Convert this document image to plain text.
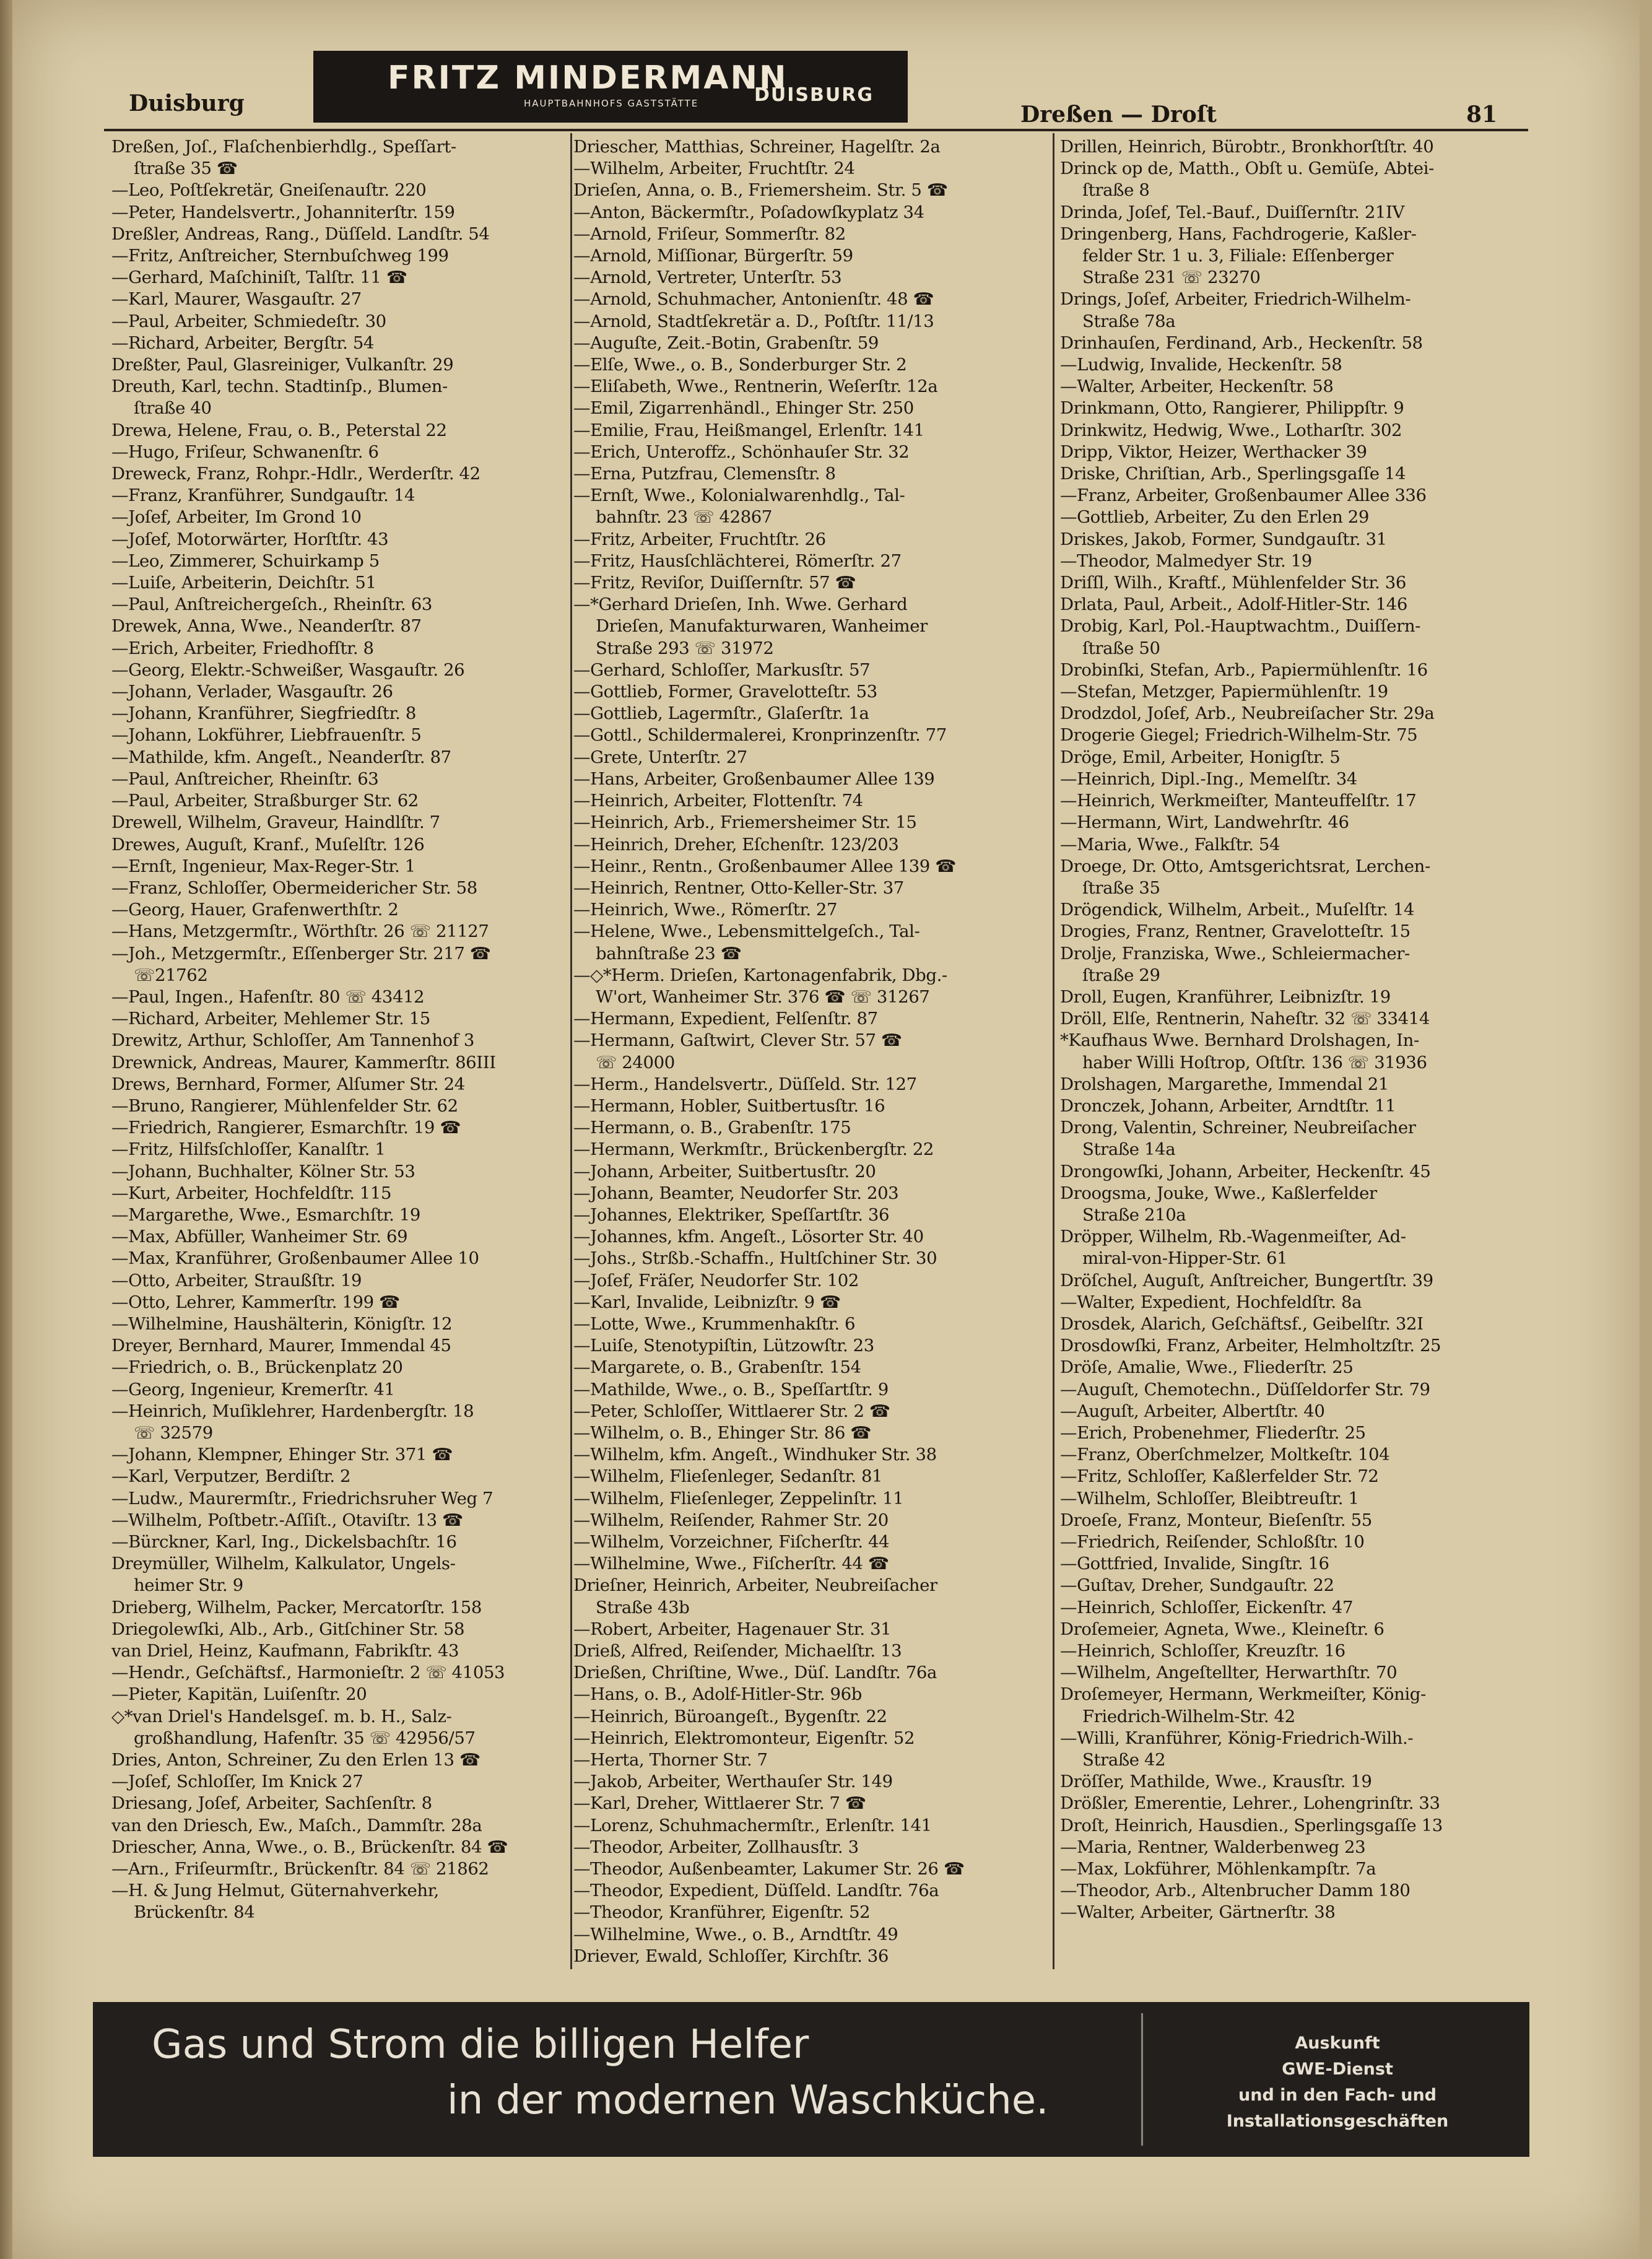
Duisburg
FRITZ MINDERMANN
HAUPTBAHNHOFS GASTSTÄTTE	DUISBURG
Dreßen — Droſt	81
Dreßen, Joſ., Flaſchenbierhdlg., Speſſart-
ſtraße 35 ☎
—Leo, Poſtſekretär, Gneiſenauſtr. 220
—Peter, Handelsvertr., Johanniterſtr. 159
Dreßler, Andreas, Rang., Düſſeld. Landſtr. 54
—Fritz, Anſtreicher, Sternbuſchweg 199
—Gerhard, Maſchiniſt, Talſtr. 11 ☎
—Karl, Maurer, Wasgauſtr. 27
—Paul, Arbeiter, Schmiedeſtr. 30
—Richard, Arbeiter, Bergſtr. 54
Dreßter, Paul, Glasreiniger, Vulkanſtr. 29
Dreuth, Karl, techn. Stadtinſp., Blumen-
ſtraße 40
Drewa, Helene, Frau, o. B., Peterstal 22
—Hugo, Friſeur, Schwanenſtr. 6
Dreweck, Franz, Rohpr.-Hdlr., Werderſtr. 42
—Franz, Kranführer, Sundgauſtr. 14
—Joſef, Arbeiter, Im Grond 10
—Joſef, Motorwärter, Horſtſtr. 43
—Leo, Zimmerer, Schuirkamp 5
—Luiſe, Arbeiterin, Deichſtr. 51
—Paul, Anſtreichergeſch., Rheinſtr. 63
Drewek, Anna, Wwe., Neanderſtr. 87
—Erich, Arbeiter, Friedhofſtr. 8
—Georg, Elektr.-Schweißer, Wasgauſtr. 26
—Johann, Verlader, Wasgauſtr. 26
—Johann, Kranführer, Siegfriedſtr. 8
—Johann, Lokführer, Liebfrauenſtr. 5
—Mathilde, kfm. Angeſt., Neanderſtr. 87
—Paul, Anſtreicher, Rheinſtr. 63
—Paul, Arbeiter, Straßburger Str. 62
Drewell, Wilhelm, Graveur, Haindlſtr. 7
Drewes, Auguſt, Kranf., Muſelſtr. 126
—Ernſt, Ingenieur, Max-Reger-Str. 1
—Franz, Schloſſer, Obermeidericher Str. 58
—Georg, Hauer, Grafenwerthſtr. 2
—Hans, Metzgermſtr., Wörthſtr. 26 ☏ 21127
—Joh., Metzgermſtr., Eſſenberger Str. 217 ☎
☏21762
—Paul, Ingen., Hafenſtr. 80 ☏ 43412
—Richard, Arbeiter, Mehlemer Str. 15
Drewitz, Arthur, Schloſſer, Am Tannenhof 3
Drewnick, Andreas, Maurer, Kammerſtr. 86III
Drews, Bernhard, Former, Alſumer Str. 24
—Bruno, Rangierer, Mühlenfelder Str. 62
—Friedrich, Rangierer, Esmarchſtr. 19 ☎
—Fritz, Hilfsſchloſſer, Kanalſtr. 1
—Johann, Buchhalter, Kölner Str. 53
—Kurt, Arbeiter, Hochfeldſtr. 115
—Margarethe, Wwe., Esmarchſtr. 19
—Max, Abfüller, Wanheimer Str. 69
—Max, Kranführer, Großenbaumer Allee 10
—Otto, Arbeiter, Straußſtr. 19
—Otto, Lehrer, Kammerſtr. 199 ☎
—Wilhelmine, Haushälterin, Königſtr. 12
Dreyer, Bernhard, Maurer, Immendal 45
—Friedrich, o. B., Brückenplatz 20
—Georg, Ingenieur, Kremerſtr. 41
—Heinrich, Muſiklehrer, Hardenbergſtr. 18
☏ 32579
—Johann, Klempner, Ehinger Str. 371 ☎
—Karl, Verputzer, Berdiſtr. 2
—Ludw., Maurermſtr., Friedrichsruher Weg 7
—Wilhelm, Poſtbetr.-Aſſiſt., Otaviſtr. 13 ☎
—Bürckner, Karl, Ing., Dickelsbachſtr. 16
Dreymüller, Wilhelm, Kalkulator, Ungels-
heimer Str. 9
Drieberg, Wilhelm, Packer, Mercatorſtr. 158
Driegolewſki, Alb., Arb., Gitſchiner Str. 58
van Driel, Heinz, Kaufmann, Fabrikſtr. 43
—Hendr., Geſchäftsf., Harmonieſtr. 2 ☏ 41053
—Pieter, Kapitän, Luiſenſtr. 20
◇*van Driel's Handelsgeſ. m. b. H., Salz-
großhandlung, Hafenſtr. 35 ☏ 42956/57
Dries, Anton, Schreiner, Zu den Erlen 13 ☎
—Joſef, Schloſſer, Im Knick 27
Driesang, Joſef, Arbeiter, Sachſenſtr. 8
van den Driesch, Ew., Maſch., Dammſtr. 28a
Driescher, Anna, Wwe., o. B., Brückenſtr. 84 ☎
—Arn., Friſeurmſtr., Brückenſtr. 84 ☏ 21862
—H. & Jung Helmut, Güternahverkehr,
Brückenſtr. 84
Driescher, Matthias, Schreiner, Hagelſtr. 2a
—Wilhelm, Arbeiter, Fruchtſtr. 24
Drieſen, Anna, o. B., Friemersheim. Str. 5 ☎
—Anton, Bäckermſtr., Poſadowſkyplatz 34
—Arnold, Friſeur, Sommerſtr. 82
—Arnold, Miſſionar, Bürgerſtr. 59
—Arnold, Vertreter, Unterſtr. 53
—Arnold, Schuhmacher, Antonienſtr. 48 ☎
—Arnold, Stadtſekretär a. D., Poſtſtr. 11/13
—Auguſte, Zeit.-Botin, Grabenſtr. 59
—Elſe, Wwe., o. B., Sonderburger Str. 2
—Eliſabeth, Wwe., Rentnerin, Weſerſtr. 12a
—Emil, Zigarrenhändl., Ehinger Str. 250
—Emilie, Frau, Heißmangel, Erlenſtr. 141
—Erich, Unteroffz., Schönhauſer Str. 32
—Erna, Putzfrau, Clemensſtr. 8
—Ernſt, Wwe., Kolonialwarenhdlg., Tal-
bahnſtr. 23 ☏ 42867
—Fritz, Arbeiter, Fruchtſtr. 26
—Fritz, Hausſchlächterei, Römerſtr. 27
—Fritz, Reviſor, Duiſſernſtr. 57 ☎
—*Gerhard Drieſen, Inh. Wwe. Gerhard
Drieſen, Manufakturwaren, Wanheimer
Straße 293 ☏ 31972
—Gerhard, Schloſſer, Markusſtr. 57
—Gottlieb, Former, Gravelotteſtr. 53
—Gottlieb, Lagermſtr., Glaſerſtr. 1a
—Gottl., Schildermalerei, Kronprinzenſtr. 77
—Grete, Unterſtr. 27
—Hans, Arbeiter, Großenbaumer Allee 139
—Heinrich, Arbeiter, Flottenſtr. 74
—Heinrich, Arb., Friemersheimer Str. 15
—Heinrich, Dreher, Eſchenſtr. 123/203
—Heinr., Rentn., Großenbaumer Allee 139 ☎
—Heinrich, Rentner, Otto-Keller-Str. 37
—Heinrich, Wwe., Römerſtr. 27
—Helene, Wwe., Lebensmittelgeſch., Tal-
bahnſtraße 23 ☎
—◇*Herm. Drieſen, Kartonagenfabrik, Dbg.-
W'ort, Wanheimer Str. 376 ☎ ☏ 31267
—Hermann, Expedient, Felſenſtr. 87
—Hermann, Gaſtwirt, Clever Str. 57 ☎
☏ 24000
—Herm., Handelsvertr., Düſſeld. Str. 127
—Hermann, Hobler, Suitbertusſtr. 16
—Hermann, o. B., Grabenſtr. 175
—Hermann, Werkmſtr., Brückenbergſtr. 22
—Johann, Arbeiter, Suitbertusſtr. 20
—Johann, Beamter, Neudorfer Str. 203
—Johannes, Elektriker, Speſſartſtr. 36
—Johannes, kfm. Angeſt., Lösorter Str. 40
—Johs., Strßb.-Schaffn., Hultſchiner Str. 30
—Joſef, Fräſer, Neudorfer Str. 102
—Karl, Invalide, Leibnizſtr. 9 ☎
—Lotte, Wwe., Krummenhakſtr. 6
—Luiſe, Stenotypiſtin, Lützowſtr. 23
—Margarete, o. B., Grabenſtr. 154
—Mathilde, Wwe., o. B., Speſſartſtr. 9
—Peter, Schloſſer, Wittlaerer Str. 2 ☎
—Wilhelm, o. B., Ehinger Str. 86 ☎
—Wilhelm, kfm. Angeſt., Windhuker Str. 38
—Wilhelm, Flieſenleger, Sedanſtr. 81
—Wilhelm, Flieſenleger, Zeppelinſtr. 11
—Wilhelm, Reiſender, Rahmer Str. 20
—Wilhelm, Vorzeichner, Fiſcherſtr. 44
—Wilhelmine, Wwe., Fiſcherſtr. 44 ☎
Drieſner, Heinrich, Arbeiter, Neubreiſacher
Straße 43b
—Robert, Arbeiter, Hagenauer Str. 31
Drieß, Alfred, Reiſender, Michaelſtr. 13
Drießen, Chriſtine, Wwe., Düſ. Landſtr. 76a
—Hans, o. B., Adolf-Hitler-Str. 96b
—Heinrich, Büroangeſt., Bygenſtr. 22
—Heinrich, Elektromonteur, Eigenſtr. 52
—Herta, Thorner Str. 7
—Jakob, Arbeiter, Werthauſer Str. 149
—Karl, Dreher, Wittlaerer Str. 7 ☎
—Lorenz, Schuhmachermſtr., Erlenſtr. 141
—Theodor, Arbeiter, Zollhausſtr. 3
—Theodor, Außenbeamter, Lakumer Str. 26 ☎
—Theodor, Expedient, Düſſeld. Landſtr. 76a
—Theodor, Kranführer, Eigenſtr. 52
—Wilhelmine, Wwe., o. B., Arndtſtr. 49
Driever, Ewald, Schloſſer, Kirchſtr. 36
Drillen, Heinrich, Bürobtr., Bronkhorſtſtr. 40
Drinck op de, Matth., Obſt u. Gemüſe, Abtei-
ſtraße 8
Drinda, Joſef, Tel.-Bauf., Duiſſernſtr. 21IV
Dringenberg, Hans, Fachdrogerie, Kaßler-
felder Str. 1 u. 3, Filiale: Eſſenberger
Straße 231 ☏ 23270
Drings, Joſef, Arbeiter, Friedrich-Wilhelm-
Straße 78a
Drinhauſen, Ferdinand, Arb., Heckenſtr. 58
—Ludwig, Invalide, Heckenſtr. 58
—Walter, Arbeiter, Heckenſtr. 58
Drinkmann, Otto, Rangierer, Philippſtr. 9
Drinkwitz, Hedwig, Wwe., Lotharſtr. 302
Dripp, Viktor, Heizer, Werthacker 39
Driske, Chriſtian, Arb., Sperlingsgaſſe 14
—Franz, Arbeiter, Großenbaumer Allee 336
—Gottlieb, Arbeiter, Zu den Erlen 29
Driskes, Jakob, Former, Sundgauſtr. 31
—Theodor, Malmedyer Str. 19
Driſſl, Wilh., Kraftf., Mühlenfelder Str. 36
Drlata, Paul, Arbeit., Adolf-Hitler-Str. 146
Drobig, Karl, Pol.-Hauptwachtm., Duiſſern-
ſtraße 50
Drobinſki, Stefan, Arb., Papiermühlenſtr. 16
—Stefan, Metzger, Papiermühlenſtr. 19
Drodzdol, Joſef, Arb., Neubreiſacher Str. 29a
Drogerie Giegel; Friedrich-Wilhelm-Str. 75
Dröge, Emil, Arbeiter, Honigſtr. 5
—Heinrich, Dipl.-Ing., Memelſtr. 34
—Heinrich, Werkmeiſter, Manteuffelſtr. 17
—Hermann, Wirt, Landwehrſtr. 46
—Maria, Wwe., Falkſtr. 54
Droege, Dr. Otto, Amtsgerichtsrat, Lerchen-
ſtraße 35
Drögendick, Wilhelm, Arbeit., Muſelſtr. 14
Drogies, Franz, Rentner, Gravelotteſtr. 15
Drolje, Franziska, Wwe., Schleiermacher-
ſtraße 29
Droll, Eugen, Kranführer, Leibnizſtr. 19
Dröll, Elſe, Rentnerin, Naheſtr. 32 ☏ 33414
*Kaufhaus Wwe. Bernhard Drolshagen, In-
haber Willi Hoſtrop, Oſtſtr. 136 ☏ 31936
Drolshagen, Margarethe, Immendal 21
Dronczek, Johann, Arbeiter, Arndtſtr. 11
Drong, Valentin, Schreiner, Neubreiſacher
Straße 14a
Drongowſki, Johann, Arbeiter, Heckenſtr. 45
Droogsma, Jouke, Wwe., Kaßlerfelder
Straße 210a
Dröpper, Wilhelm, Rb.-Wagenmeiſter, Ad-
miral-von-Hipper-Str. 61
Dröſchel, Auguſt, Anſtreicher, Bungertſtr. 39
—Walter, Expedient, Hochfeldſtr. 8a
Drosdek, Alarich, Geſchäftsf., Geibelſtr. 32I
Drosdowſki, Franz, Arbeiter, Helmholtzſtr. 25
Dröſe, Amalie, Wwe., Fliederſtr. 25
—Auguſt, Chemotechn., Düſſeldorfer Str. 79
—Auguſt, Arbeiter, Albertſtr. 40
—Erich, Probenehmer, Fliederſtr. 25
—Franz, Oberſchmelzer, Moltkeſtr. 104
—Fritz, Schloſſer, Kaßlerfelder Str. 72
—Wilhelm, Schloſſer, Bleibtreuſtr. 1
Droeſe, Franz, Monteur, Bieſenſtr. 55
—Friedrich, Reiſender, Schloßſtr. 10
—Gottfried, Invalide, Singſtr. 16
—Guſtav, Dreher, Sundgauſtr. 22
—Heinrich, Schloſſer, Eickenſtr. 47
Droſemeier, Agneta, Wwe., Kleineſtr. 6
—Heinrich, Schloſſer, Kreuzſtr. 16
—Wilhelm, Angeſtellter, Herwarthſtr. 70
Droſemeyer, Hermann, Werkmeiſter, König-
Friedrich-Wilhelm-Str. 42
—Willi, Kranführer, König-Friedrich-Wilh.-
Straße 42
Dröſſer, Mathilde, Wwe., Krausſtr. 19
Drößler, Emerentie, Lehrer., Lohengrinſtr. 33
Droſt, Heinrich, Hausdien., Sperlingsgaſſe 13
—Maria, Rentner, Walderbenweg 23
—Max, Lokführer, Möhlenkampſtr. 7a
—Theodor, Arb., Altenbrucher Damm 180
—Walter, Arbeiter, Gärtnerſtr. 38
Gas und Strom die billigen Helfer
in der modernen Waschküche.
Auskunft
GWE-Dienst
und in den Fach- und
Installationsgeschäften
